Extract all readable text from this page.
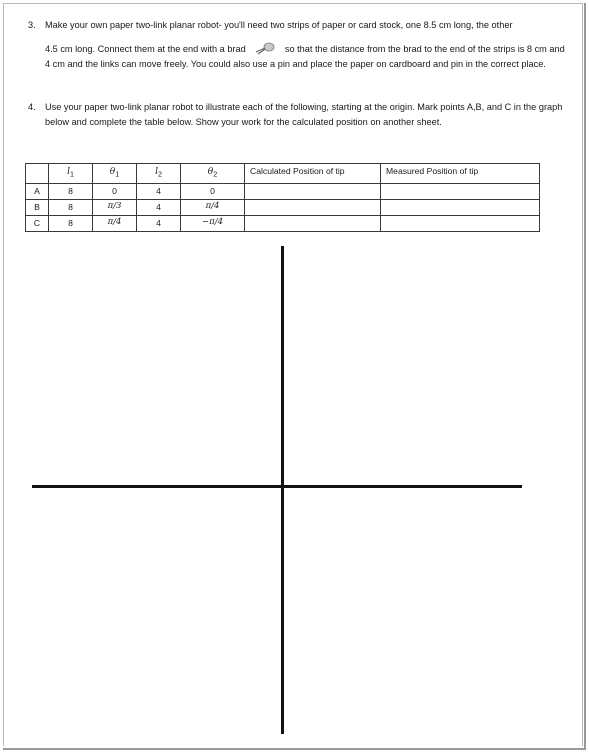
3. Make your own paper two-link planar robot- you'll need two strips of paper or card stock, one 8.5 cm long, the other
4.5 cm long. Connect them at the end with a brad	so that the distance from the brad to the end of the strips is 8 cm and 4 cm and the links can move freely. You could also use a pin and place the paper on cardboard and pin in the correct place.
4. Use your paper two-link planar robot to illustrate each of the following, starting at the origin. Mark points A,B, and C in the graph below and complete the table below. Show your work for the calculated position on another sheet.
	$l_1$	$\theta_1$	$l_2$	$\theta_2$	Calculated Position of tip	Measured Position of tip
A	8	0	4	0		
B	8	π/3	4	π/4		
C	8	π/4	4	−π/4		
